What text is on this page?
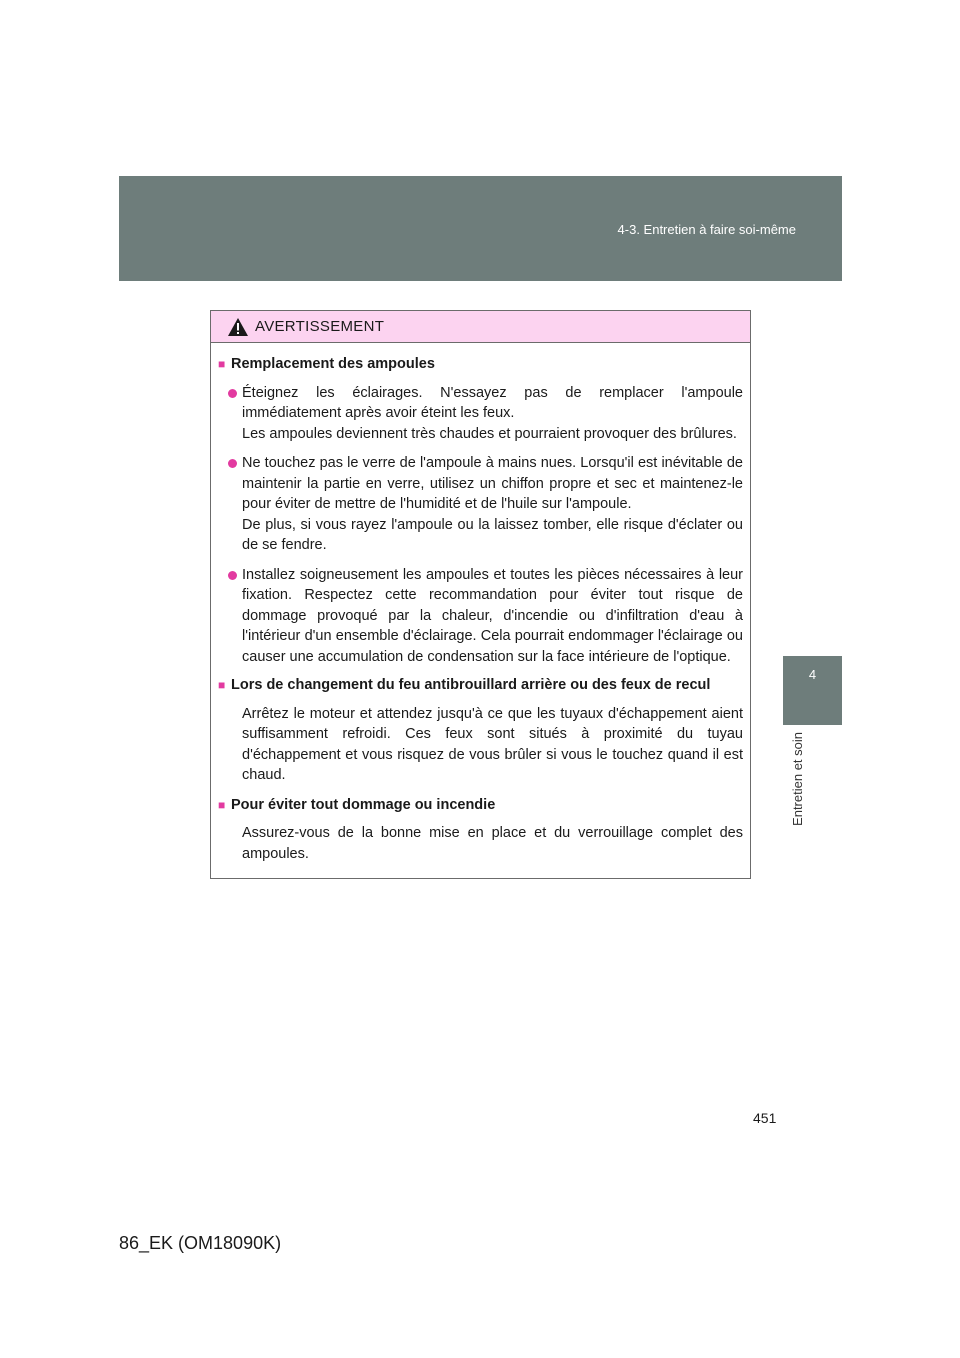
4-3. Entretien à faire soi-même
4
Entretien et soin
AVERTISSEMENT
■ Remplacement des ampoules

Éteignez les éclairages. N'essayez pas de remplacer l'ampoule immédiatement après avoir éteint les feux.

Les ampoules deviennent très chaudes et pourraient provoquer des brûlures.

Ne touchez pas le verre de l'ampoule à mains nues. Lorsqu'il est inévitable de maintenir la partie en verre, utilisez un chiffon propre et sec et maintenez-le pour éviter de mettre de l'humidité et de l'huile sur l'ampoule.

De plus, si vous rayez l'ampoule ou la laissez tomber, elle risque d'éclater ou de se fendre.

Installez soigneusement les ampoules et toutes les pièces nécessaires à leur fixation. Respectez cette recommandation pour éviter tout risque de dommage provoqué par la chaleur, d'incendie ou d'infiltration d'eau à l'intérieur d'un ensemble d'éclairage. Cela pourrait endommager l'éclairage ou causer une accumulation de condensation sur la face intérieure de l'optique.

■ Lors de changement du feu antibrouillard arrière ou des feux de recul

Arrêtez le moteur et attendez jusqu'à ce que les tuyaux d'échappement aient suffisamment refroidi. Ces feux sont situés à proximité du tuyau d'échappement et vous risquez de vous brûler si vous le touchez quand il est chaud.

■ Pour éviter tout dommage ou incendie

Assurez-vous de la bonne mise en place et du verrouillage complet des ampoules.

451
86_EK (OM18090K)
